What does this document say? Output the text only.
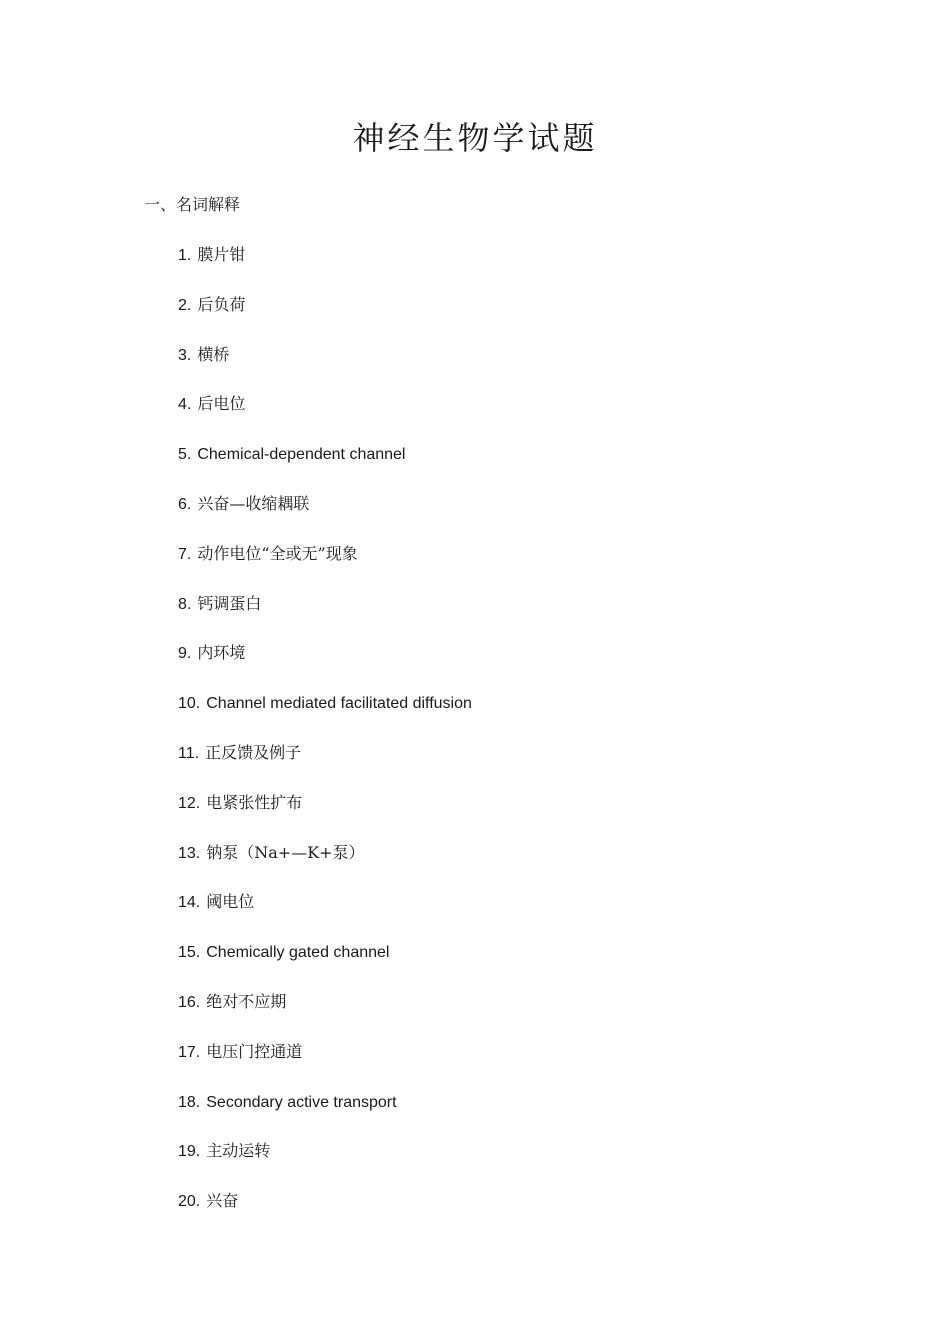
神经生物学试题
一、名词解释
1. 膜片钳
2. 后负荷
3. 横桥
4. 后电位
5. Chemical-dependent channel
6. 兴奋—收缩耦联
7. 动作电位“全或无”现象
8. 钙调蛋白
9. 内环境
10. Channel mediated facilitated diffusion
11. 正反馈及例子
12. 电紧张性扩布
13. 钠泵（Na+—K+泵）
14. 阈电位
15. Chemically gated channel
16. 绝对不应期
17. 电压门控通道
18. Secondary active transport
19. 主动运转
20. 兴奋
